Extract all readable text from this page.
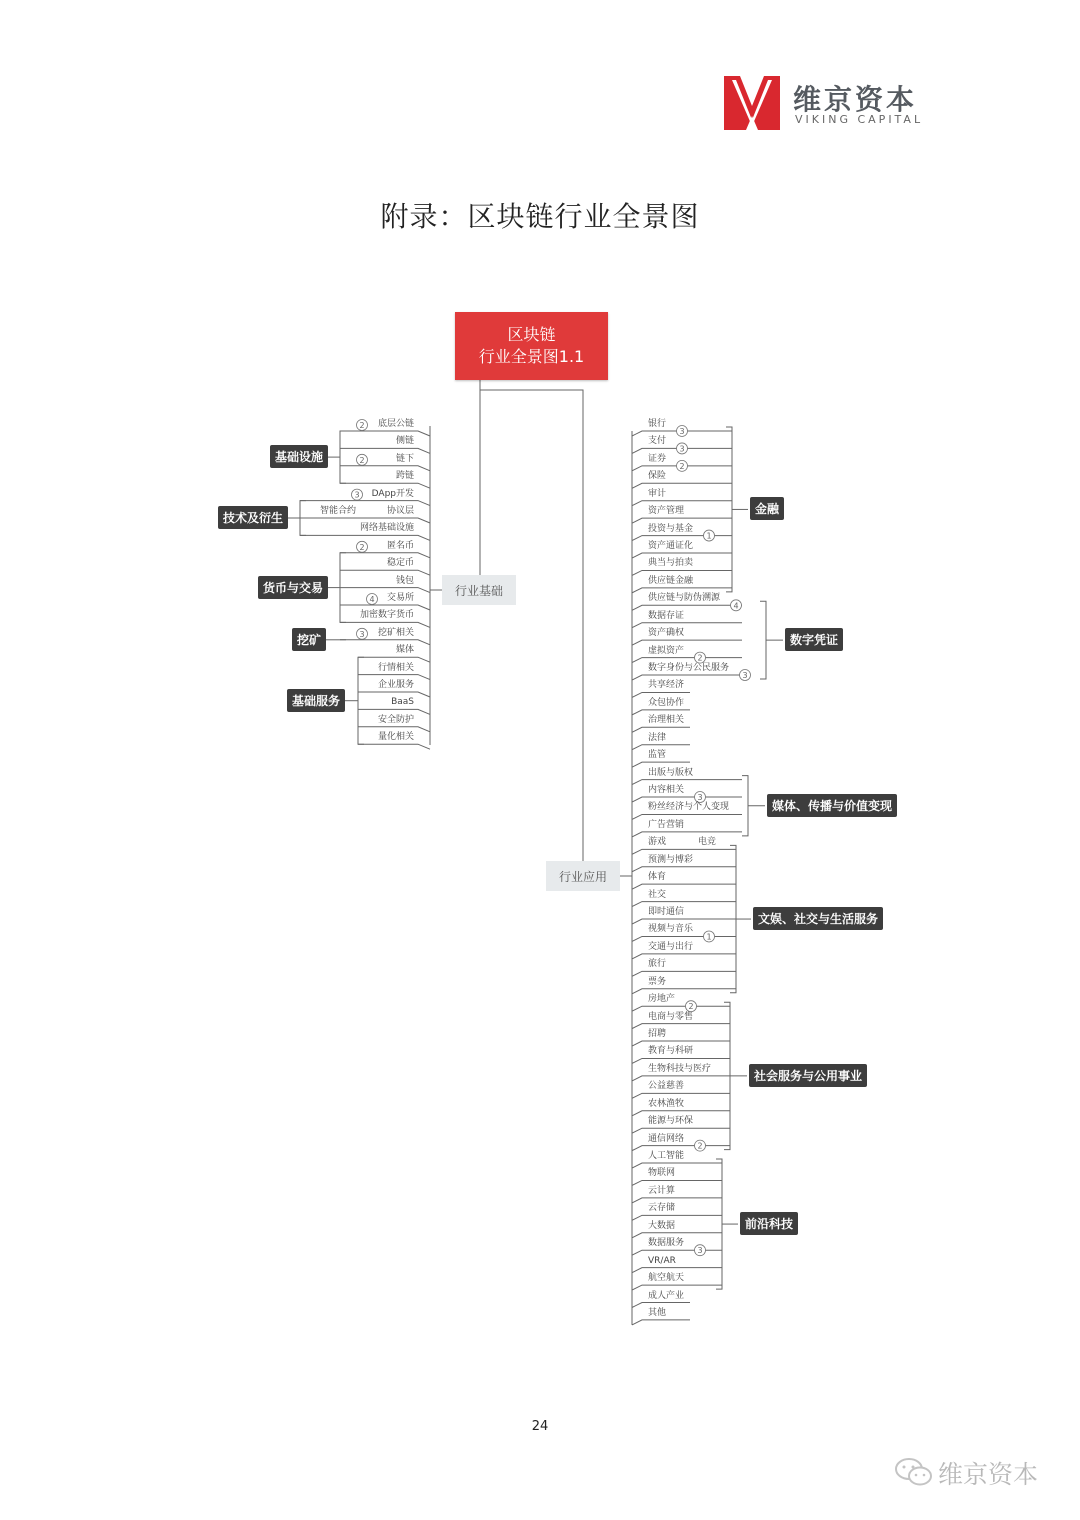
维京资本
VIKING CAPITAL
附录：区块链行业全景图
2
2
3
2
4
3
3
3
2
1
4
2
3
3
1
2
2
3
区块链
行业全景图1.1
行业基础
行业应用
底层公链
侧链
链下
跨链
基础设施
DApp开发
协议层
智能合约
网络基础设施
技术及衍生
匿名币
稳定币
钱包
交易所
加密数字货币
货币与交易
挖矿相关
挖矿
媒体
行情相关
企业服务
BaaS
安全防护
量化相关
基础服务
银行
支付
证券
保险
审计
资产管理
投资与基金
资产通证化
典当与拍卖
供应链金融
金融
供应链与防伪溯源
数据存证
资产确权
虚拟资产
数字身份与公民服务
数字凭证
共享经济
众包协作
治理相关
法律
监管
出版与版权
内容相关
粉丝经济与个人变现
广告营销
媒体、传播与价值变现
游戏	电竞
预测与博彩
体育
社交
即时通信
视频与音乐
交通与出行
旅行
票务
文娱、社交与生活服务
房地产
电商与零售
招聘
教育与科研
生物科技与医疗
公益慈善
农林渔牧
能源与环保
通信网络
社会服务与公用事业
人工智能
物联网
云计算
云存储
大数据
数据服务
VR/AR
航空航天
前沿科技
成人产业
其他
24
维京资本
